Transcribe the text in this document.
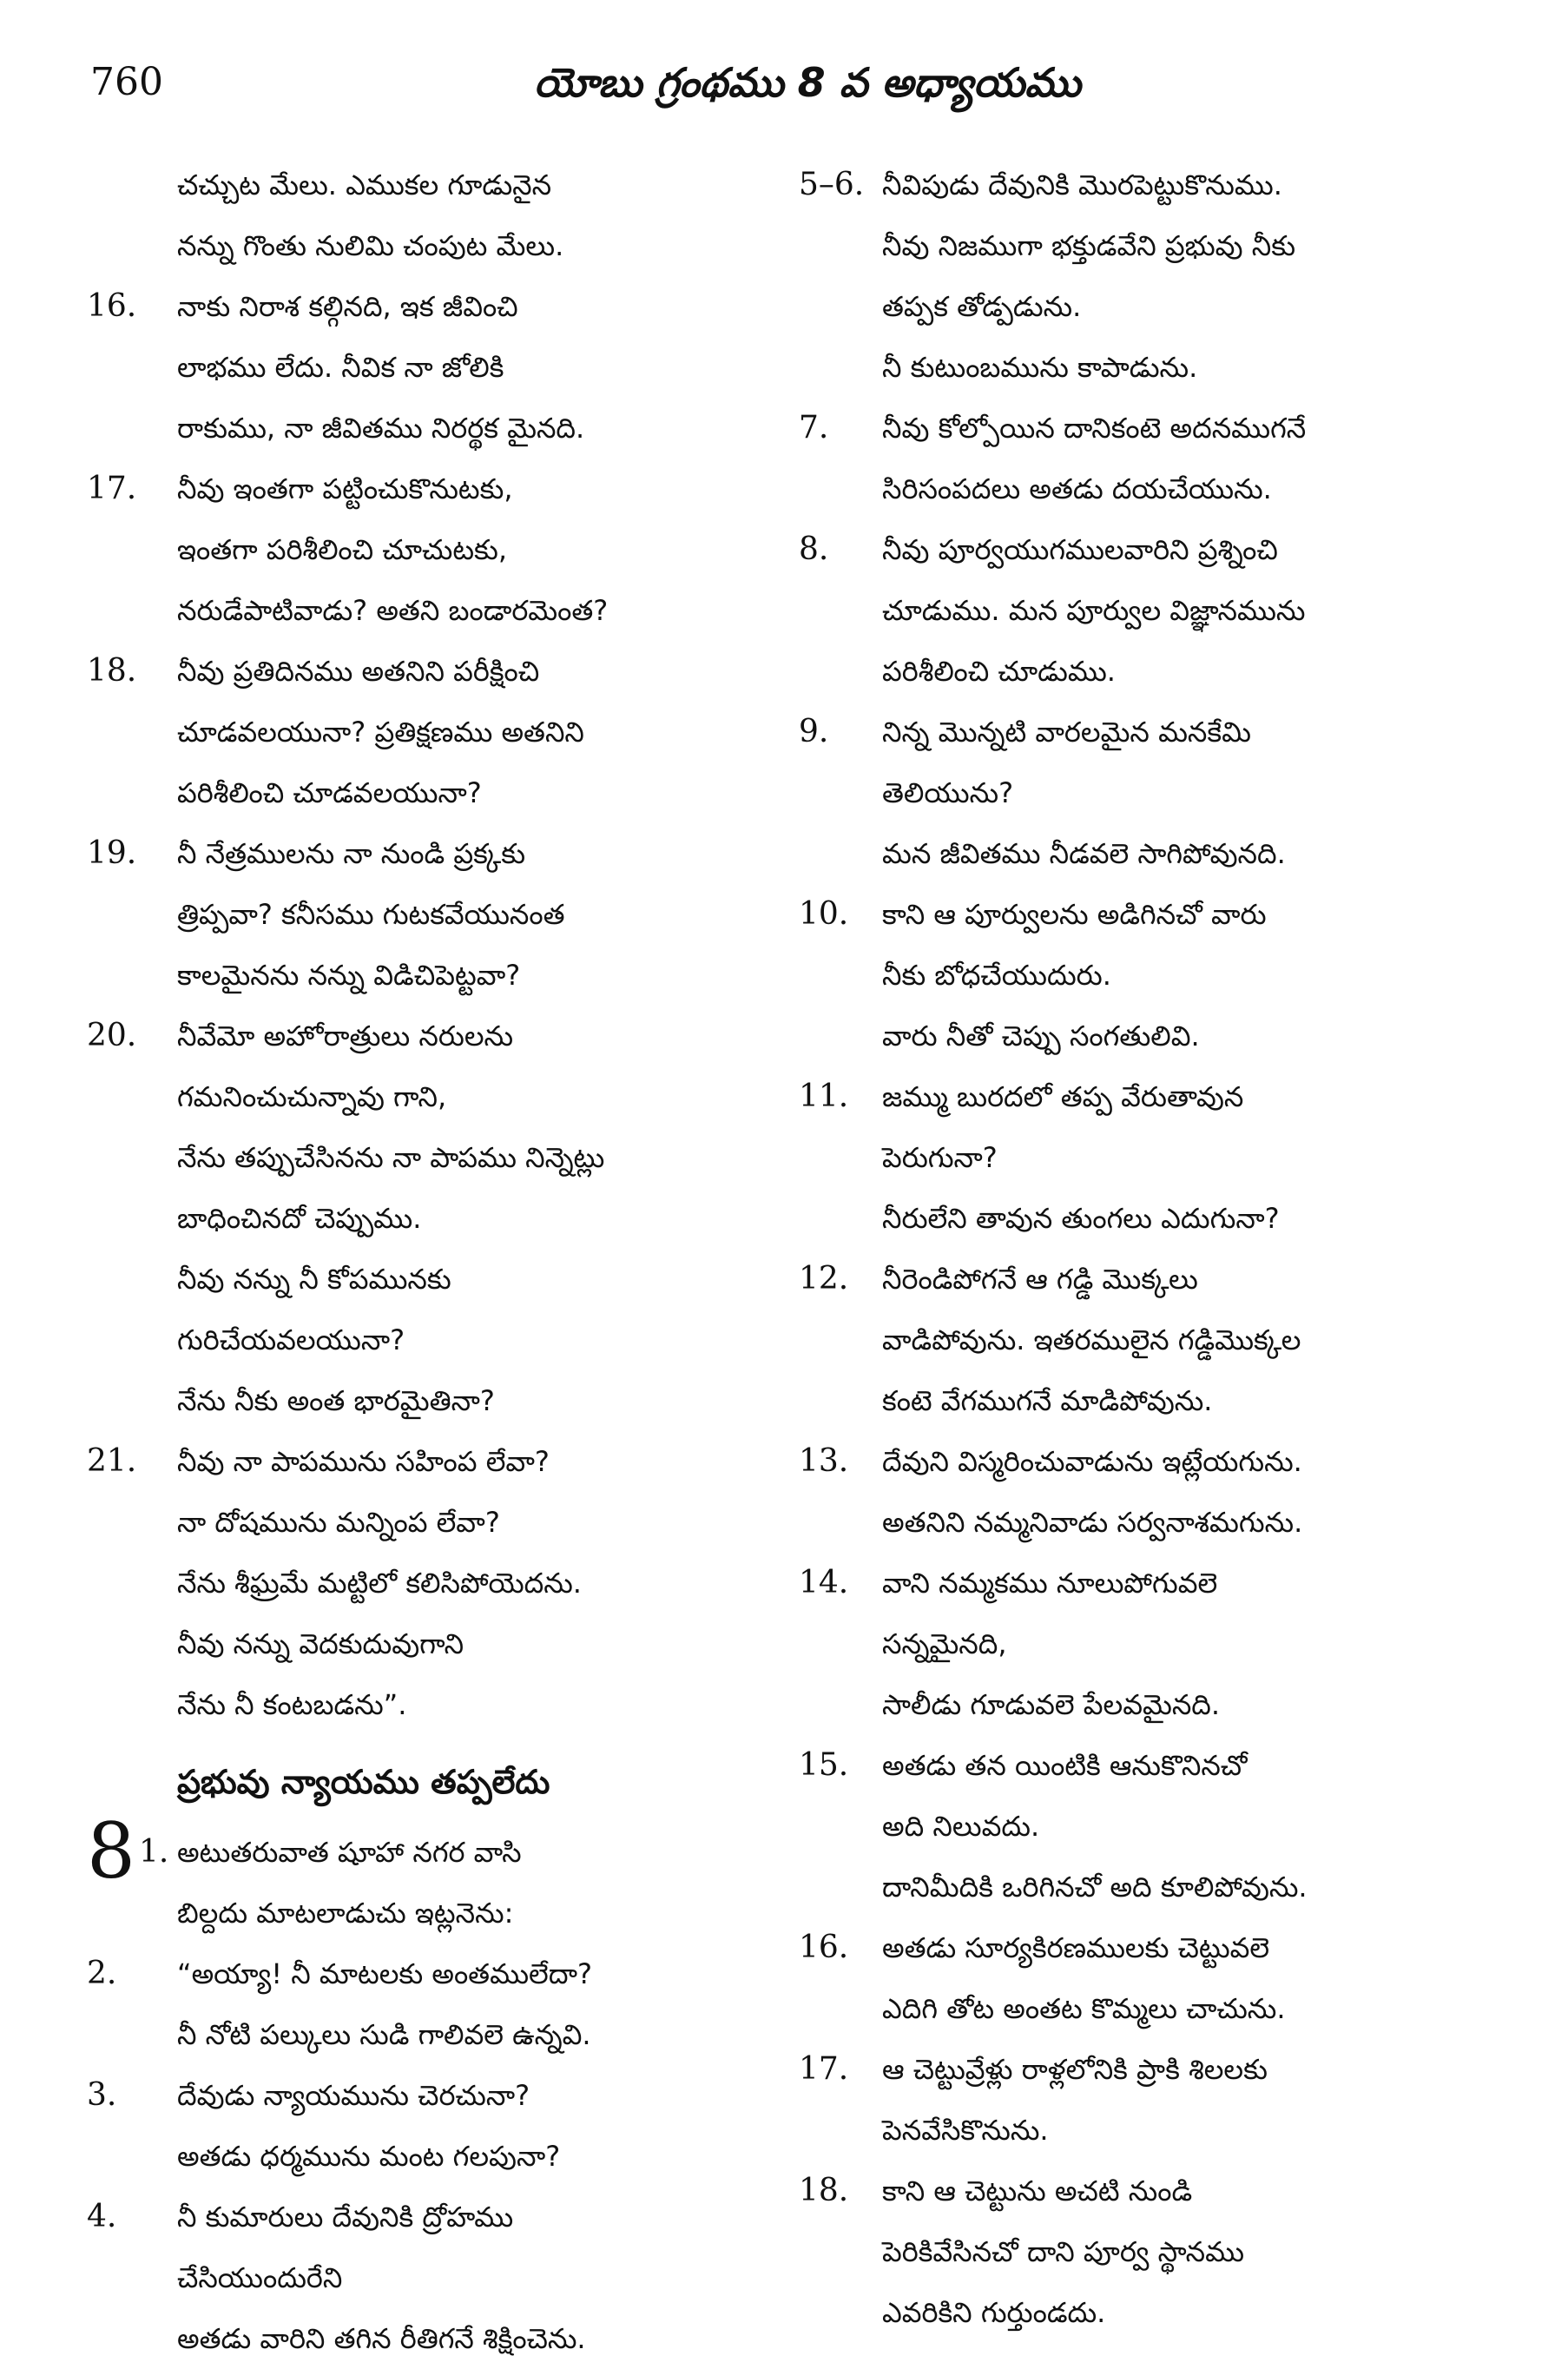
760	యోబు గ్రంథము 8 వ అధ్యాయము
చచ్చుట మేలు. ఎముకల గూడునైన
నన్ను గొంతు నులిమి చంపుట మేలు.
16.	నాకు నిరాశ కల్గినది, ఇక జీవించి
లాభము లేదు. నీవిక నా జోలికి
రాకుము, నా జీవితము నిరర్థక మైనది.
17.	నీవు ఇంతగా పట్టించుకొనుటకు,
ఇంతగా పరిశీలించి చూచుటకు,
నరుడేపాటివాడు? అతని బండారమెంత?
18.	నీవు ప్రతిదినము అతనిని పరీక్షించి
చూడవలయునా? ప్రతిక్షణము అతనిని
పరిశీలించి చూడవలయునా?
19.	నీ నేత్రములను నా నుండి ప్రక్కకు
త్రిప్పవా? కనీసము గుటకవేయునంత
కాలమైనను నన్ను విడిచిపెట్టవా?
20.	నీవేమో అహోరాత్రులు నరులను
గమనించుచున్నావు గాని,
నేను తప్పుచేసినను నా పాపము నిన్నెట్లు
బాధించినదో చెప్పుము.
నీవు నన్ను నీ కోపమునకు
గురిచేయవలయునా?
నేను నీకు అంత భారమైతినా?
21.	నీవు నా పాపమును సహింప లేవా?
నా దోషమును మన్నింప లేవా?
నేను శీఘ్రమే మట్టిలో కలిసిపోయెదను.
నీవు నన్ను వెదకుదువుగాని
నేను నీ కంటబడను”.
ప్రభువు న్యాయము తప్పలేదు
8 1. అటుతరువాత షూహా నగర వాసి
బిల్దదు మాటలాడుచు ఇట్లనెను:
2.	“అయ్యా! నీ మాటలకు అంతములేదా?
నీ నోటి పల్కులు సుడి గాలివలె ఉన్నవి.
3.	దేవుడు న్యాయమును చెరచునా?
అతడు ధర్మమును మంట గలపునా?
4.	నీ కుమారులు దేవునికి ద్రోహము
చేసియుందురేని
అతడు వారిని తగిన రీతిగనే శిక్షించెను.
5–6. నీవిపుడు దేవునికి మొరపెట్టుకొనుము.
నీవు నిజముగా భక్తుడవేని ప్రభువు నీకు
తప్పక తోడ్పడును.
నీ కుటుంబమును కాపాడును.
7.	నీవు కోల్పోయిన దానికంటె అదనముగనే
సిరిసంపదలు అతడు దయచేయును.
8.	నీవు పూర్వయుగములవారిని ప్రశ్నించి
చూడుము. మన పూర్వుల విజ్ఞానమును
పరిశీలించి చూడుము.
9.	నిన్న మొన్నటి వారలమైన మనకేమి
తెలియును?
మన జీవితము నీడవలె సాగిపోవునది.
10.	కాని ఆ పూర్వులను అడిగినచో వారు
నీకు బోధచేయుదురు.
వారు నీతో చెప్పు సంగతులివి.
11.	జమ్ము బురదలో తప్ప వేరుతావున
పెరుగునా?
నీరులేని తావున తుంగలు ఎదుగునా?
12.	నీరెండిపోగనే ఆ గడ్డి మొక్కలు
వాడిపోవును. ఇతరములైన గడ్డిమొక్కల
కంటె వేగముగనే మాడిపోవును.
13.	దేవుని విస్మరించువాడును ఇట్లేయగును.
అతనిని నమ్మనివాడు సర్వనాశమగును.
14.	వాని నమ్మకము నూలుపోగువలె
సన్నమైనది,
సాలీడు గూడువలె పేలవమైనది.
15.	అతడు తన యింటికి ఆనుకొనినచో
అది నిలువదు.
దానిమీదికి ఒరిగినచో అది కూలిపోవును.
16.	అతడు సూర్యకిరణములకు చెట్టువలె
ఎదిగి తోట అంతట కొమ్మలు చాచును.
17.	ఆ చెట్టువ్రేళ్లు రాళ్లలోనికి ప్రాకి శిలలకు
పెనవేసికొనును.
18.	కాని ఆ చెట్టును అచటి నుండి
పెరికివేసినచో దాని పూర్వ స్థానము
ఎవరికిని గుర్తుండదు.
